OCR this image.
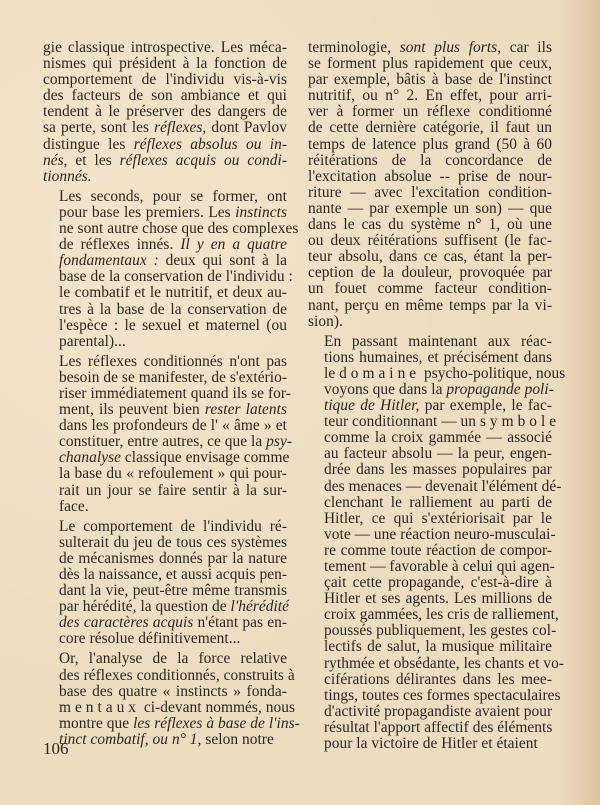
gie classique introspective. Les méca-
nismes qui président à la fonction de
comportement de l'individu vis-à-vis
des facteurs de son ambiance et qui
tendent à le préserver des dangers de
sa perte, sont les réflexes, dont Pavlov
distingue les réflexes absolus ou in-
nés, et les réflexes acquis ou condi-
tionnés.

Les seconds, pour se former, ont
pour base les premiers. Les instincts
ne sont autre chose que des complexes
de réflexes innés. Il y en a quatre
fondamentaux : deux qui sont à la
base de la conservation de l'individu :
le combatif et le nutritif, et deux au-
tres à la base de la conservation de
l'espèce : le sexuel et maternel (ou
parental)...

Les réflexes conditionnés n'ont pas
besoin de se manifester, de s'extério-
riser immédiatement quand ils se for-
ment, ils peuvent bien rester latents
dans les profondeurs de l' « âme » et
constituer, entre autres, ce que la psy-
chanalyse classique envisage comme
la base du « refoulement » qui pour-
rait un jour se faire sentir à la sur-
face.

Le comportement de l'individu ré-
sulterait du jeu de tous ces systèmes
de mécanismes donnés par la nature
dès la naissance, et aussi acquis pen-
dant la vie, peut-être même transmis
par hérédité, la question de l'hérédité
des caractères acquis n'étant pas en-
core résolue définitivement...

Or, l'analyse de la force relative
des réflexes conditionnés, construits à
base des quatre « instincts » fonda-
mentaux ci-devant nommés, nous
montre que les réflexes à base de l'ins-
tinct combatif, ou n° 1, selon notre

terminologie, sont plus forts, car ils
se forment plus rapidement que ceux,
par exemple, bâtis à base de l'instinct
nutritif, ou n° 2. En effet, pour arri-
ver à former un réflexe conditionné
de cette dernière catégorie, il faut un
temps de latence plus grand (50 à 60
réitérations de la concordance de
l'excitation absolue -- prise de nour-
riture — avec l'excitation condition-
nante — par exemple un son) — que
dans le cas du système n° 1, où une
ou deux réitérations suffisent (le fac-
teur absolu, dans ce cas, étant la per-
ception de la douleur, provoquée par
un fouet comme facteur condition-
nant, perçu en même temps par la vi-
sion).

En passant maintenant aux réac-
tions humaines, et précisément dans
le domaine psycho-politique, nous
voyons que dans la propagande poli-
tique de Hitler, par exemple, le fac-
teur conditionnant — un symbole
comme la croix gammée — associé
au facteur absolu — la peur, engen-
drée dans les masses populaires par
des menaces — devenait l'élément dé-
clenchant le ralliement au parti de
Hitler, ce qui s'extériorisait par le
vote — une réaction neuro-musculai-
re comme toute réaction de compor-
tement — favorable à celui qui agen-
çait cette propagande, c'est-à-dire à
Hitler et ses agents. Les millions de
croix gammées, les cris de ralliement,
poussés publiquement, les gestes col-
lectifs de salut, la musique militaire
rythmée et obsédante, les chants et vo-
ciférations délirantes dans les mee-
tings, toutes ces formes spectaculaires
d'activité propagandiste avaient pour
résultat l'apport affectif des éléments
pour la victoire de Hitler et étaient

106
